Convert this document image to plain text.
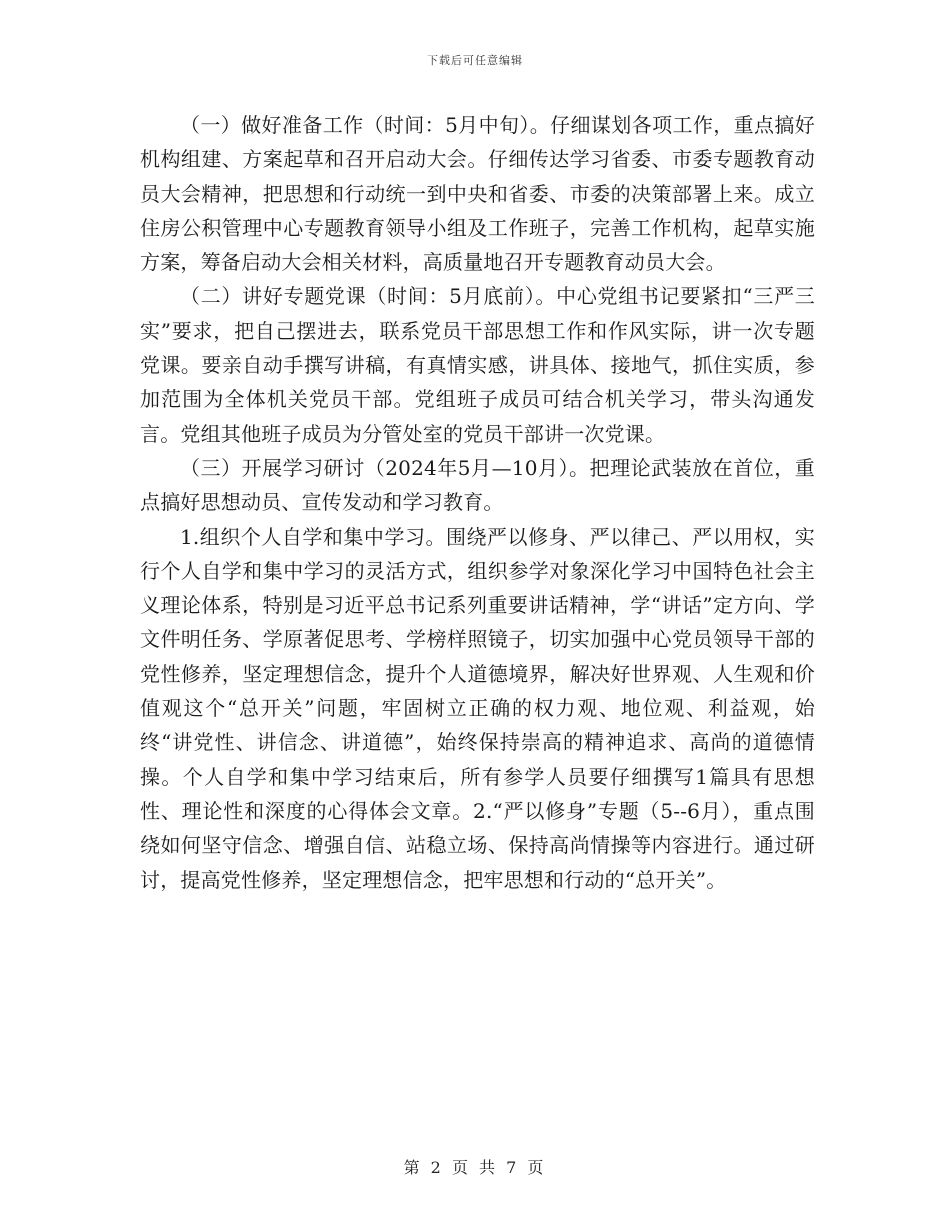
下载后可任意编辑

（一）做好准备工作（时间：5月中旬）。仔细谋划各项工作，重点搞好机构组建、方案起草和召开启动大会。仔细传达学习省委、市委专题教育动员大会精神，把思想和行动统一到中央和省委、市委的决策部署上来。成立住房公积管理中心专题教育领导小组及工作班子，完善工作机构，起草实施方案，筹备启动大会相关材料，高质量地召开专题教育动员大会。

（二）讲好专题党课（时间：5月底前）。中心党组书记要紧扣“三严三实”要求，把自己摆进去，联系党员干部思想工作和作风实际，讲一次专题党课。要亲自动手撰写讲稿，有真情实感，讲具体、接地气，抓住实质，参加范围为全体机关党员干部。党组班子成员可结合机关学习，带头沟通发言。党组其他班子成员为分管处室的党员干部讲一次党课。

（三）开展学习研讨（2024年5月—10月）。把理论武装放在首位，重点搞好思想动员、宣传发动和学习教育。

1.组织个人自学和集中学习。围绕严以修身、严以律己、严以用权，实行个人自学和集中学习的灵活方式，组织参学对象深化学习中国特色社会主义理论体系，特别是习近平总书记系列重要讲话精神，学“讲话”定方向、学文件明任务、学原著促思考、学榜样照镜子，切实加强中心党员领导干部的党性修养，坚定理想信念，提升个人道德境界，解决好世界观、人生观和价值观这个“总开关”问题，牢固树立正确的权力观、地位观、利益观，始终“讲党性、讲信念、讲道德”，始终保持崇高的精神追求、高尚的道德情操。个人自学和集中学习结束后，所有参学人员要仔细撰写1篇具有思想性、理论性和深度的心得体会文章。2.“严以修身”专题（5--6月），重点围绕如何坚守信念、增强自信、站稳立场、保持高尚情操等内容进行。通过研讨，提高党性修养，坚定理想信念，把牢思想和行动的“总开关”。

第 2 页 共 7 页
